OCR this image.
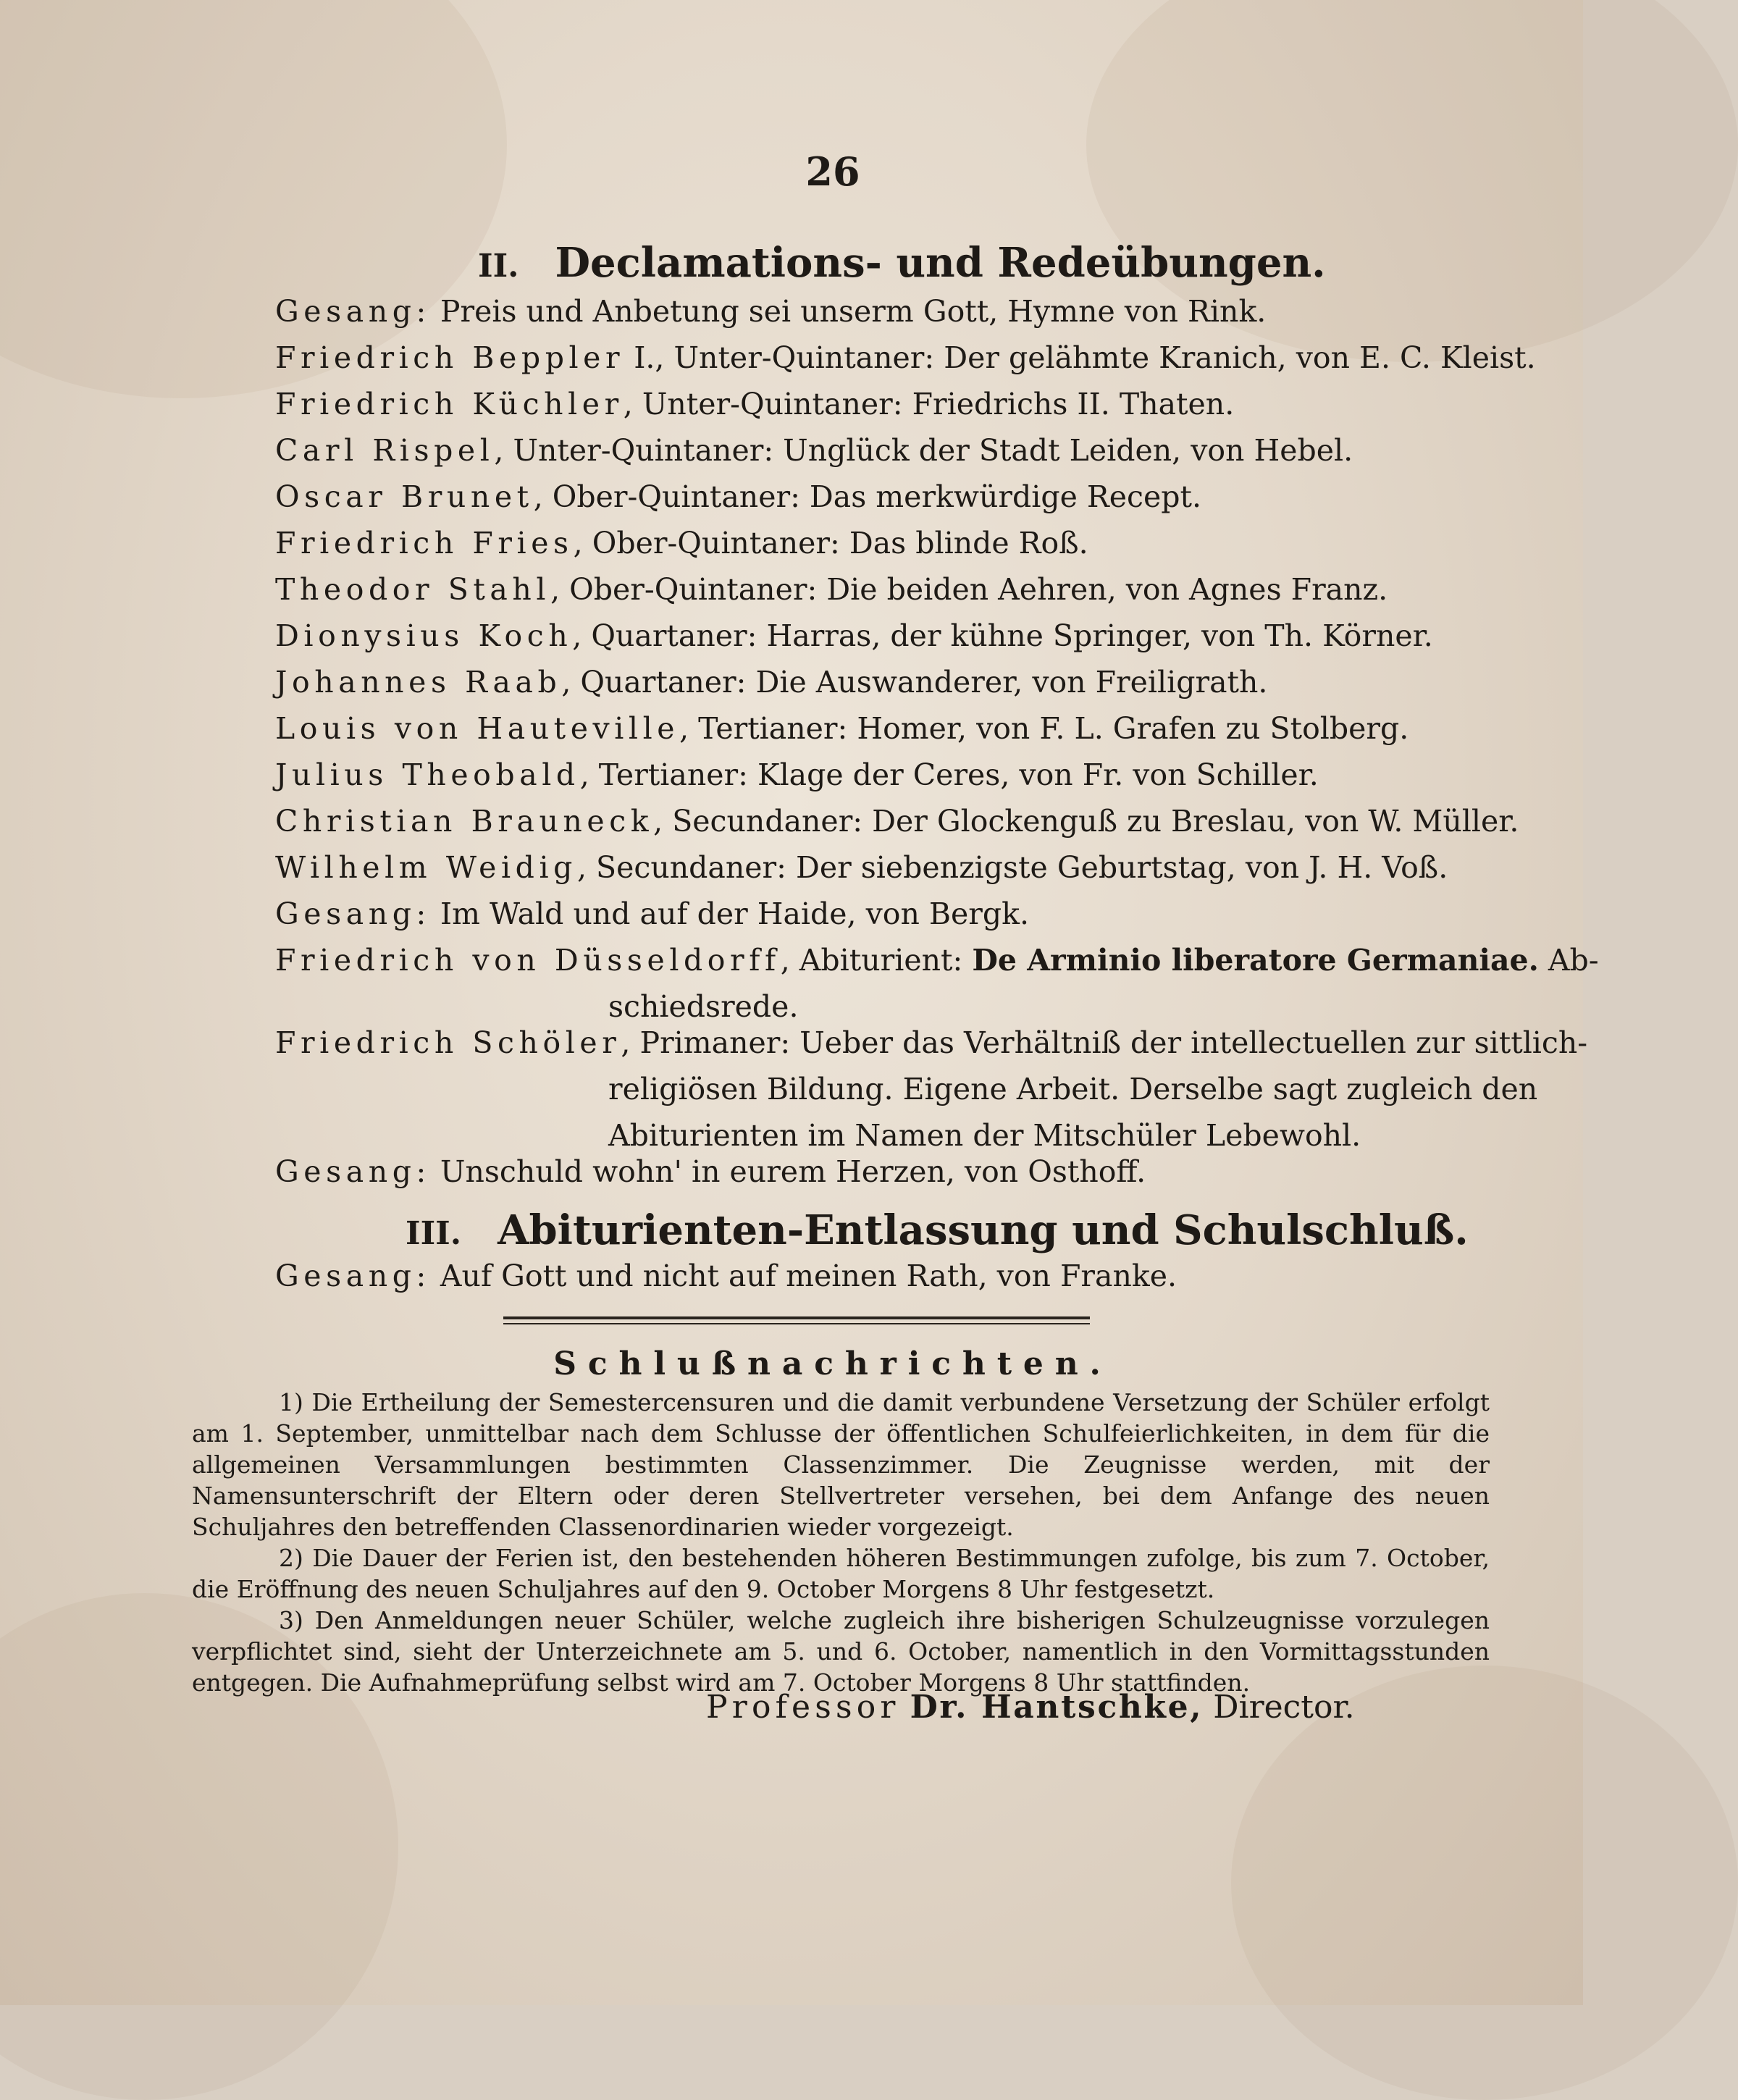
26
II. Declamations- und Redeübungen.
Gesang: Preis und Anbetung sei unserm Gott, Hymne von Rink.
Friedrich Beppler I., Unter-Quintaner: Der gelähmte Kranich, von E. C. Kleist.
Friedrich Küchler, Unter-Quintaner: Friedrichs II. Thaten.
Carl Rispel, Unter-Quintaner: Unglück der Stadt Leiden, von Hebel.
Oscar Brunet, Ober-Quintaner: Das merkwürdige Recept.
Friedrich Fries, Ober-Quintaner: Das blinde Roß.
Theodor Stahl, Ober-Quintaner: Die beiden Aehren, von Agnes Franz.
Dionysius Koch, Quartaner: Harras, der kühne Springer, von Th. Körner.
Johannes Raab, Quartaner: Die Auswanderer, von Freiligrath.
Louis von Hauteville, Tertianer: Homer, von F. L. Grafen zu Stolberg.
Julius Theobald, Tertianer: Klage der Ceres, von Fr. von Schiller.
Christian Brauneck, Secundaner: Der Glockenguß zu Breslau, von W. Müller.
Wilhelm Weidig, Secundaner: Der siebenzigste Geburtstag, von J. H. Voß.
Gesang: Im Wald und auf der Haide, von Bergk.
Friedrich von Düsseldorff, Abiturient: De Arminio liberatore Germaniae. Ab-
schiedsrede.
Friedrich Schöler, Primaner: Ueber das Verhältniß der intellectuellen zur sittlich-
religiösen Bildung. Eigene Arbeit. Derselbe sagt zugleich den
Abiturienten im Namen der Mitschüler Lebewohl.
Gesang: Unschuld wohn' in eurem Herzen, von Osthoff.
III. Abiturienten-Entlassung und Schulschluß.
Gesang: Auf Gott und nicht auf meinen Rath, von Franke.
Schlußnachrichten.
1) Die Ertheilung der Semestercensuren und die damit verbundene Versetzung der Schüler erfolgt am 1. September, unmittelbar nach dem Schlusse der öffentlichen Schulfeierlichkeiten, in dem für die allgemeinen Versammlungen bestimmten Classenzimmer. Die Zeugnisse werden, mit der Namensunterschrift der Eltern oder deren Stellvertreter versehen, bei dem Anfange des neuen Schuljahres den betreffenden Classenordinarien wieder vorgezeigt.
2) Die Dauer der Ferien ist, den bestehenden höheren Bestimmungen zufolge, bis zum 7. October, die Eröffnung des neuen Schuljahres auf den 9. October Morgens 8 Uhr festgesetzt.
3) Den Anmeldungen neuer Schüler, welche zugleich ihre bisherigen Schulzeugnisse vorzulegen verpflichtet sind, sieht der Unterzeichnete am 5. und 6. October, namentlich in den Vormittagsstunden entgegen. Die Aufnahmeprüfung selbst wird am 7. October Morgens 8 Uhr stattfinden.
Professor Dr. Hantschke, Director.
